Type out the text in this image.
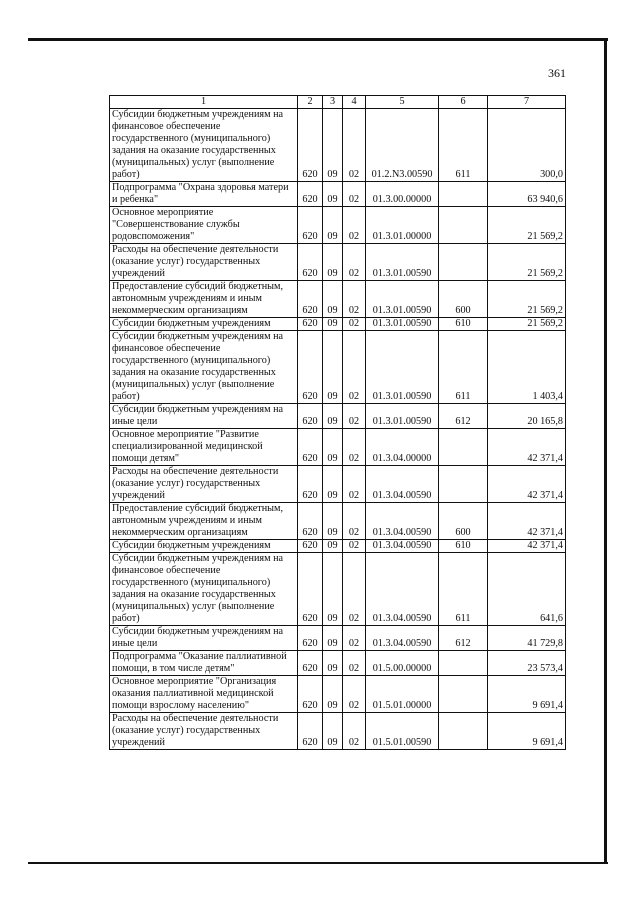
361
1	2	3	4	5	6	7
Субсидии бюджетным учреждениям на финансовое обеспечение государственного (муниципального) задания на оказание государственных (муниципальных) услуг (выполнение работ)	620	09	02	01.2.N3.00590	611	300,0
Подпрограмма "Охрана здоровья матери и ребенка"	620	09	02	01.3.00.00000		63 940,6
Основное мероприятие "Совершенствование службы родовспоможения"	620	09	02	01.3.01.00000		21 569,2
Расходы на обеспечение деятельности (оказание услуг) государственных учреждений	620	09	02	01.3.01.00590		21 569,2
Предоставление субсидий бюджетным, автономным учреждениям и иным некоммерческим организациям	620	09	02	01.3.01.00590	600	21 569,2
Субсидии бюджетным учреждениям	620	09	02	01.3.01.00590	610	21 569,2
Субсидии бюджетным учреждениям на финансовое обеспечение государственного (муниципального) задания на оказание государственных (муниципальных) услуг (выполнение работ)	620	09	02	01.3.01.00590	611	1 403,4
Субсидии бюджетным учреждениям на иные цели	620	09	02	01.3.01.00590	612	20 165,8
Основное мероприятие "Развитие специализированной медицинской помощи детям"	620	09	02	01.3.04.00000		42 371,4
Расходы на обеспечение деятельности (оказание услуг) государственных учреждений	620	09	02	01.3.04.00590		42 371,4
Предоставление субсидий бюджетным, автономным учреждениям и иным некоммерческим организациям	620	09	02	01.3.04.00590	600	42 371,4
Субсидии бюджетным учреждениям	620	09	02	01.3.04.00590	610	42 371,4
Субсидии бюджетным учреждениям на финансовое обеспечение государственного (муниципального) задания на оказание государственных (муниципальных) услуг (выполнение работ)	620	09	02	01.3.04.00590	611	641,6
Субсидии бюджетным учреждениям на иные цели	620	09	02	01.3.04.00590	612	41 729,8
Подпрограмма "Оказание паллиативной помощи, в том числе детям"	620	09	02	01.5.00.00000		23 573,4
Основное мероприятие "Организация оказания паллиативной медицинской помощи взрослому населению"	620	09	02	01.5.01.00000		9 691,4
Расходы на обеспечение деятельности (оказание услуг) государственных учреждений	620	09	02	01.5.01.00590		9 691,4
